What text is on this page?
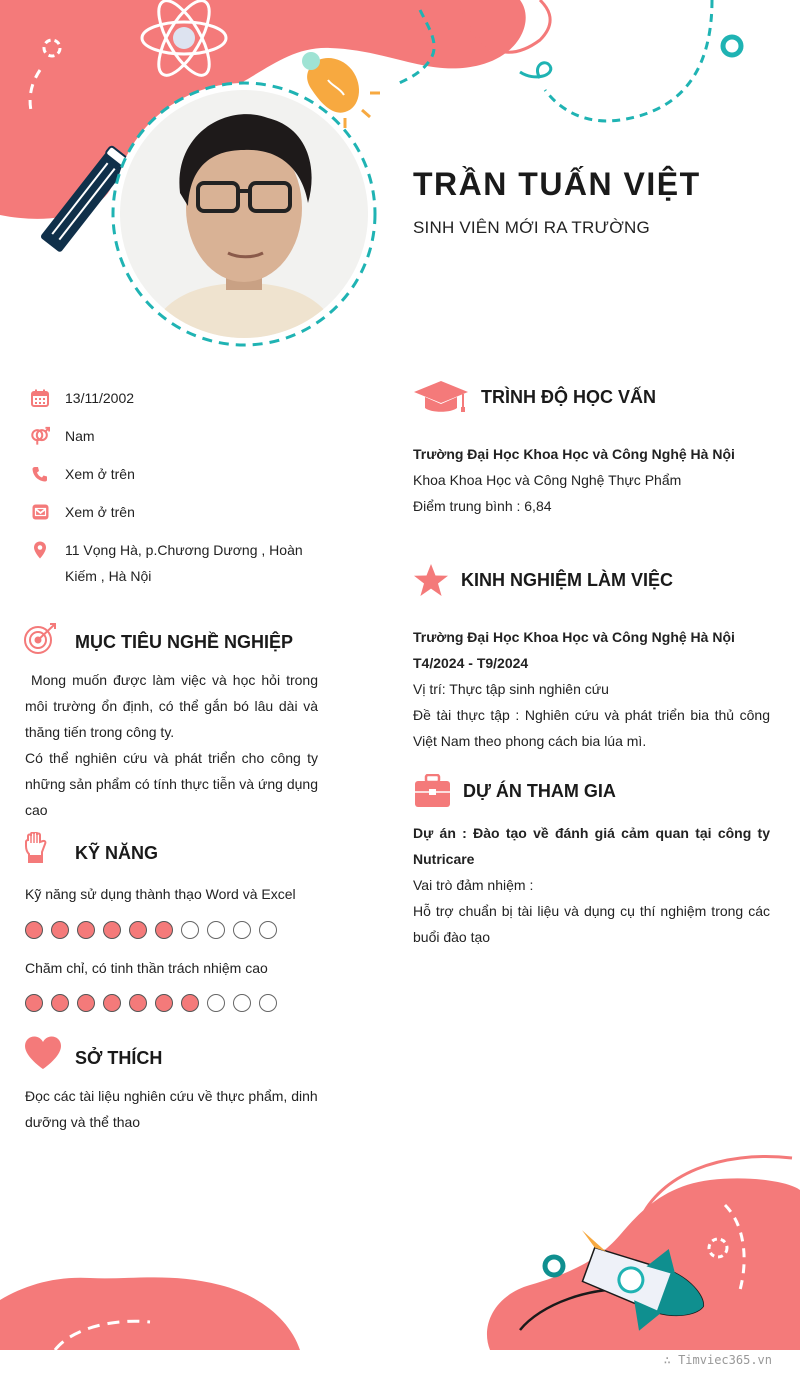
TRẦN TUẤN VIỆT
SINH VIÊN MỚI RA TRƯỜNG
13/11/2002
Nam
Xem ở trên
Xem ở trên
11 Vọng Hà, p.Chương Dương , Hoàn
Kiếm , Hà Nội
MỤC TIÊU NGHỀ NGHIỆP

Mong muốn được làm việc và học hỏi trong môi trường ổn định, có thể gắn bó lâu dài và thăng tiến trong công ty.

Có thể nghiên cứu và phát triển cho công ty những sản phẩm có tính thực tiễn và ứng dụng cao

KỸ NĂNG
Kỹ năng sử dụng thành thạo Word và Excel
Chăm chỉ, có tinh thần trách nhiệm cao
SỞ THÍCH
Đọc các tài liệu nghiên cứu về thực phẩm, dinh dưỡng và thể thao
TRÌNH ĐỘ HỌC VẤN

Trường Đại Học Khoa Học và Công Nghệ Hà Nội

Khoa Khoa Học và Công Nghệ Thực Phẩm

Điểm trung bình : 6,84

KINH NGHIỆM LÀM VIỆC

Trường Đại Học Khoa Học và Công Nghệ Hà Nội

T4/2024 - T9/2024

Vị trí: Thực tập sinh nghiên cứu

Đề tài thực tập : Nghiên cứu và phát triển bia thủ công Việt Nam theo phong cách bia lúa mì.

DỰ ÁN THAM GIA

Dự án : Đào tạo về đánh giá cảm quan tại công ty Nutricare

Vai trò đảm nhiệm :

Hỗ trợ chuẩn bị tài liệu và dụng cụ thí nghiệm trong các buổi đào tạo

∴ Timviec365.vn
